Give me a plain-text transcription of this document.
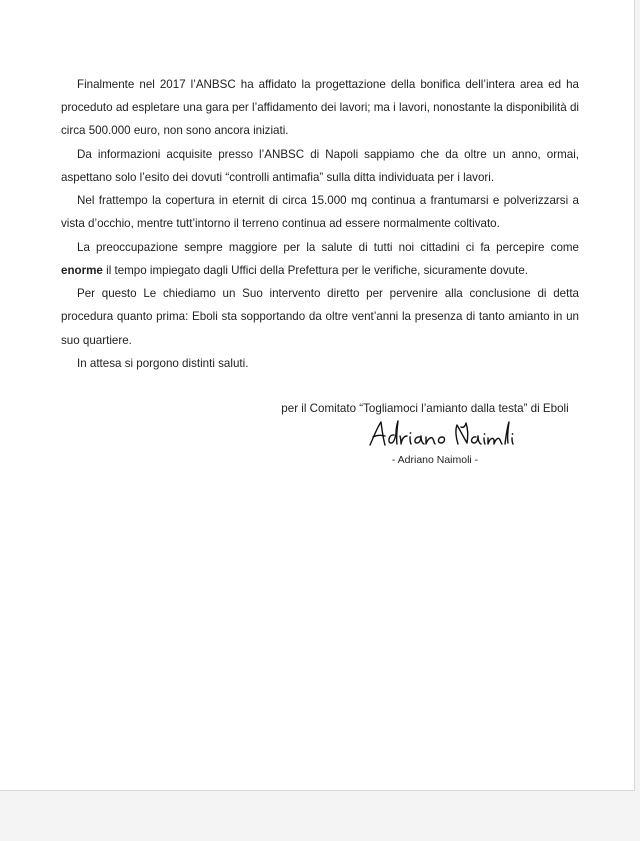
Finalmente nel 2017 l’ANBSC ha affidato la progettazione della bonifica dell’intera area ed ha proceduto ad espletare una gara per l’affidamento dei lavori; ma i lavori, nonostante la disponibilità di circa 500.000 euro, non sono ancora iniziati.

Da informazioni acquisite presso l’ANBSC di Napoli sappiamo che da oltre un anno, ormai, aspettano solo l’esito dei dovuti “controlli antimafia” sulla ditta individuata per i lavori.

Nel frattempo la copertura in eternit di circa 15.000 mq continua a frantumarsi e polverizzarsi a vista d’occhio, mentre tutt’intorno il terreno continua ad essere normalmente coltivato.

La preoccupazione sempre maggiore per la salute di tutti noi cittadini ci fa percepire come enorme il tempo impiegato dagli Uffici della Prefettura per le verifiche, sicuramente dovute.

Per questo Le chiediamo un Suo intervento diretto per pervenire alla conclusione di detta procedura quanto prima: Eboli sta sopportando da oltre vent’anni la presenza di tanto amianto in un suo quartiere.

In attesa si porgono distinti saluti.

per il Comitato “Togliamoci l’amianto dalla testa” di Eboli
- Adriano Naimoli -
